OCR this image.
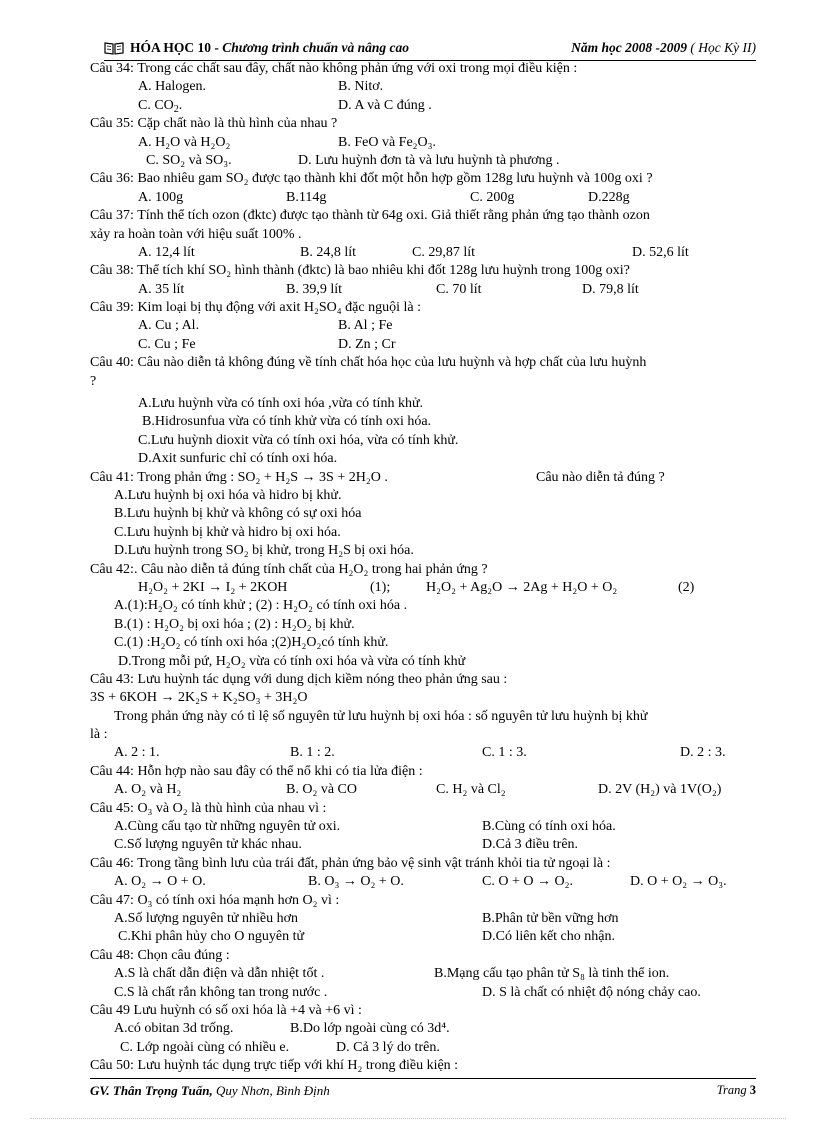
HÓA HỌC 10 - Chương trình chuẩn và nâng cao	Năm học 2008 -2009 ( Học Kỳ II)
Câu 34: Trong các chất sau đây, chất nào không phản ứng với oxi trong mọi điều kiện :
A. Halogen.	B. Nitơ.
C. $CO_2$.	D. A và C đúng .
Câu 35: Cặp chất nào là thù hình của nhau ?
A. H₂O và H₂O₂	B. FeO và Fe₂O₃.
C. SO₂ và SO₃.	D. Lưu huỳnh đơn tà và lưu huỳnh tà phương .
Câu 36: Bao nhiêu gam SO₂ được tạo thành khi đốt một hỗn hợp gồm 128g lưu huỳnh và 100g oxi ?
A. 100g	B.114g	C. 200g	D.228g
Câu 37: Tính thể tích ozon (đktc) được tạo thành từ 64g oxi. Giả thiết rằng phản ứng tạo thành ozon
xảy ra hoàn toàn với hiệu suất 100% .
A. 12,4 lít	B. 24,8 lít	C. 29,87 lít	D. 52,6 lít
Câu 38: Thể tích khí SO₂ hình thành (đktc) là bao nhiêu khi đốt 128g lưu huỳnh trong 100g oxi?
A. 35 lít	B. 39,9 lít	C. 70 lít	D. 79,8 lít
Câu 39: Kim loại bị thụ động với axit H₂SO₄ đặc nguội là :
A. Cu ; Al.	B. Al ; Fe
C. Cu ; Fe	D. Zn ; Cr
Câu 40: Câu nào diễn tả không đúng về tính chất hóa học của lưu huỳnh và hợp chất của lưu huỳnh
?
A.Lưu huỳnh vừa có tính oxi hóa ,vừa có tính khử.
B.Hidrosunfua vừa có tính khử vừa có tính oxi hóa.
C.Lưu huỳnh dioxit vừa có tính oxi hóa, vừa có tính khử.
D.Axit sunfuric chỉ có tính oxi hóa.
Câu 41: Trong phản ứng : SO₂ + H₂S → 3S + 2H₂O .	Câu nào diễn tả đúng ?
A.Lưu huỳnh bị oxi hóa và hidro bị khử.
B.Lưu huỳnh bị khử và không có sự oxi hóa
C.Lưu huỳnh bị khử và hidro bị oxi hóa.
D.Lưu huỳnh trong SO₂ bị khử, trong H₂S bị oxi hóa.
Câu 42:. Câu nào diễn tả đúng tính chất của H₂O₂ trong hai phản ứng ?
H₂O₂ + 2KI → I₂ + 2KOH	(1);	H₂O₂ + Ag₂O → 2Ag + H₂O + O₂	(2)
A.(1):H₂O₂ có tính khử ; (2) : H₂O₂ có tính oxi hóa .
B.(1) : H₂O₂ bị oxi hóa ; (2) : H₂O₂ bị khử.
C.(1) :H₂O₂ có tính oxi hóa ;(2)H₂O₂có tính khử.
D.Trong mỗi pứ, H₂O₂ vừa có tính oxi hóa và vừa có tính khử
Câu 43: Lưu huỳnh tác dụng với dung dịch kiềm nóng theo phản ứng sau :
3S + 6KOH → 2K₂S + K₂SO₃ + 3H₂O
Trong phản ứng này có tỉ lệ số nguyên tử lưu huỳnh bị oxi hóa : số nguyên tử lưu huỳnh bị khử
là :
A. 2 : 1.	B. 1 : 2.	C. 1 : 3.	D. 2 : 3.
Câu 44: Hỗn hợp nào sau đây có thể nổ khi có tia lửa điện :
A. O₂ và H₂	B. O₂ và CO	C. H₂ và Cl₂	D. 2V (H₂) và 1V(O₂)
Câu 45: O₃ và O₂ là thù hình của nhau vì :
A.Cùng cấu tạo từ những nguyên tử oxi.	B.Cùng có tính oxi hóa.
C.Số lượng nguyên tử khác nhau.	D.Cả 3 điều trên.
Câu 46: Trong tầng bình lưu của trái đất, phản ứng bảo vệ sinh vật tránh khỏi tia tử ngoại là :
A. O₂ → O + O.	B. O₃ → O₂ + O.	C. O + O → O₂.	D. O + O₂ → O₃.
Câu 47: O₃ có tính oxi hóa mạnh hơn O₂ vì :
A.Số lượng nguyên tử nhiều hơn	B.Phân tử bền vững hơn
C.Khi phân hủy cho O nguyên tử	D.Có liên kết cho nhận.
Câu 48: Chọn câu đúng :
A.S là chất dẫn điện và dẫn nhiệt tốt .	B.Mạng cấu tạo phân tử S₈ là tinh thể ion.
C.S là chất rắn không tan trong nước .	D. S là chất có nhiệt độ nóng chảy cao.
Câu 49 Lưu huỳnh có số oxi hóa là +4 và +6 vì :
A.có obitan 3d trống.	B.Do lớp ngoài cùng có 3d⁴.
C. Lớp ngoài cùng có nhiều e.	D. Cả 3 lý do trên.
Câu 50: Lưu huỳnh tác dụng trực tiếp với khí H₂ trong điều kiện :
GV. Thân Trọng Tuấn, Quy Nhơn, Bình Định	Trang 3
